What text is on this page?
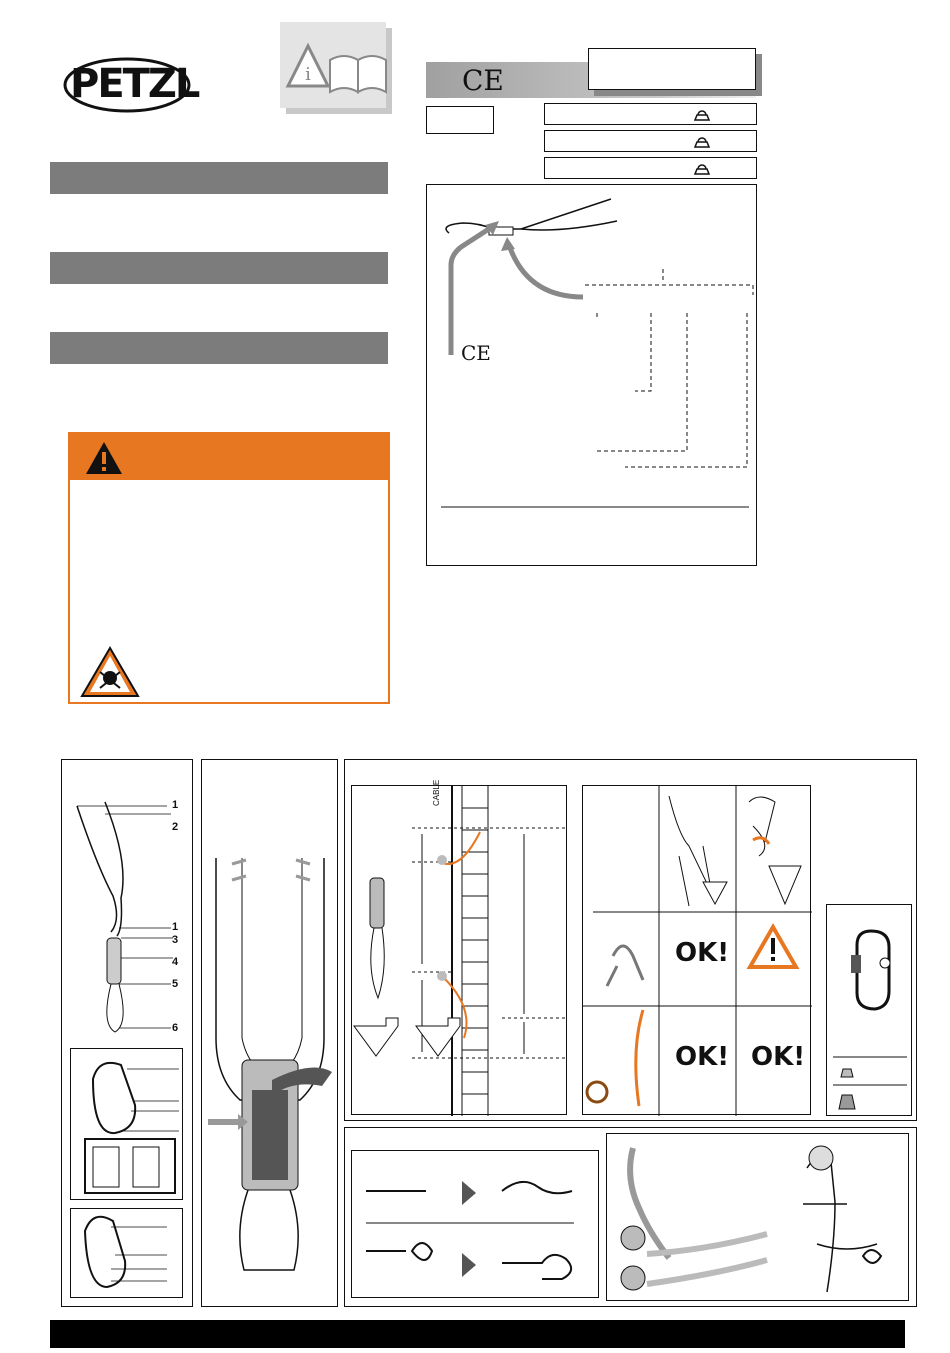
PETZL	i	CE
CE
1
2
1
3
4
5
6
CABLE
OK!
OK! OK!
